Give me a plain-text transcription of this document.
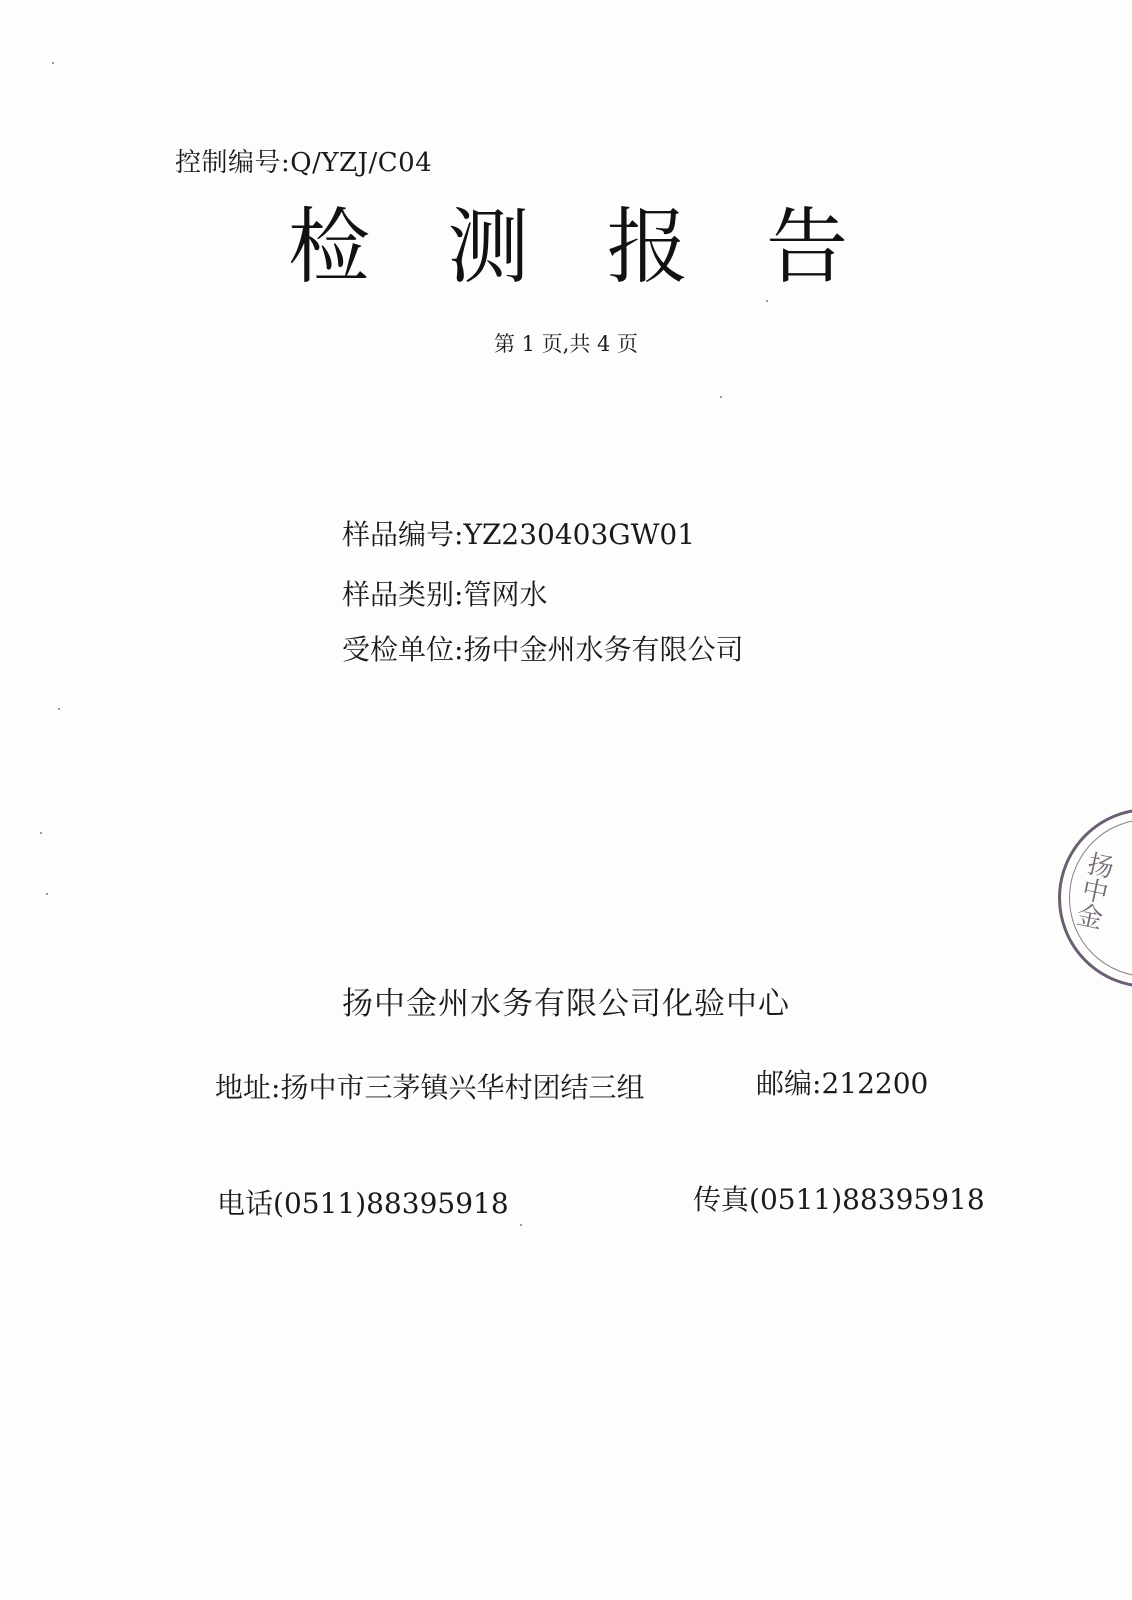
控制编号:Q/YZJ/C04
检 测 报 告
第 1 页,共 4 页
样品编号 : YZ230403GW01
样品类别 : 管网水
受检单位 : 扬中金州水务有限公司
扬中金
扬中金州水务有限公司化验中心
地址 : 扬中市三茅镇兴华村团结三组	邮编 : 212200
电话(0511)88395918	传真(0511)88395918
